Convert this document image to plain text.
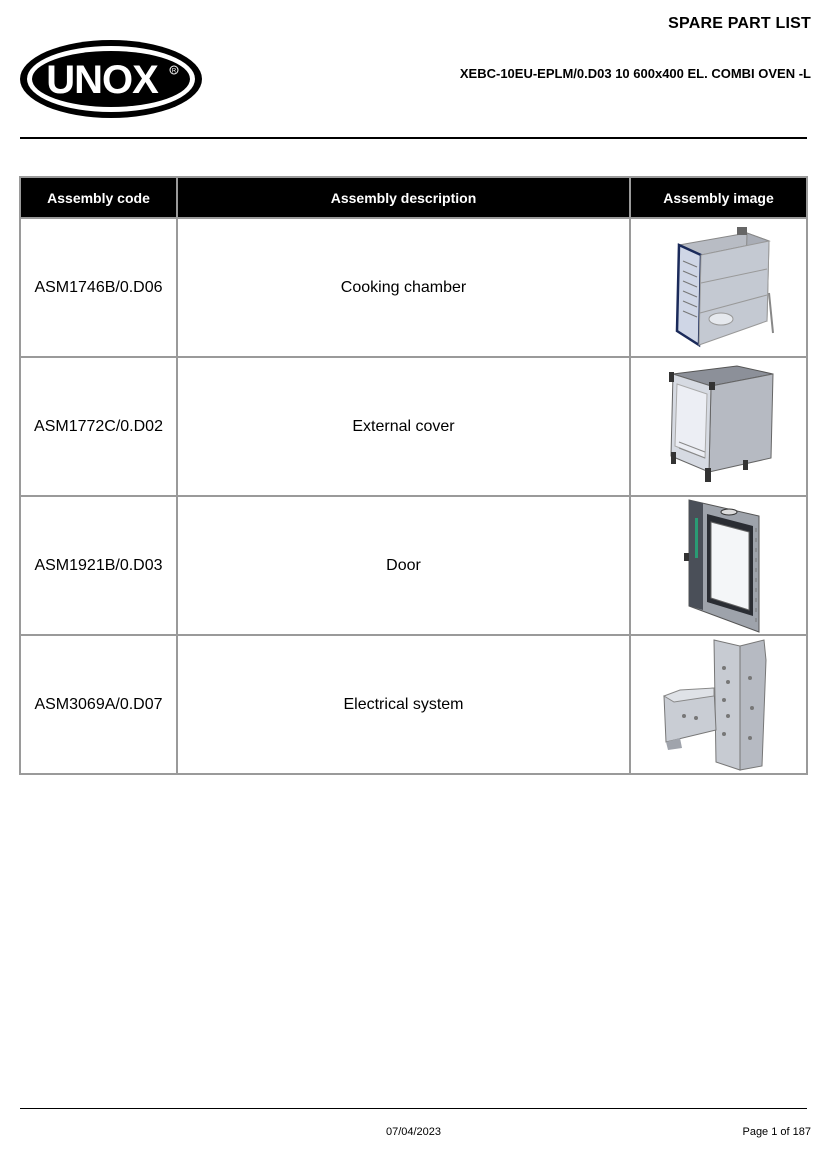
SPARE PART LIST
XEBC-10EU-EPLM/0.D03 10 600x400 EL. COMBI OVEN -L
UNOX R
Assembly code	Assembly description	Assembly image
ASM1746B/0.D06	Cooking chamber	

ASM1772C/0.D02	External cover	

ASM1921B/0.D03	Door	

ASM3069A/0.D07	Electrical system	
07/04/2023	Page 1 of 187
